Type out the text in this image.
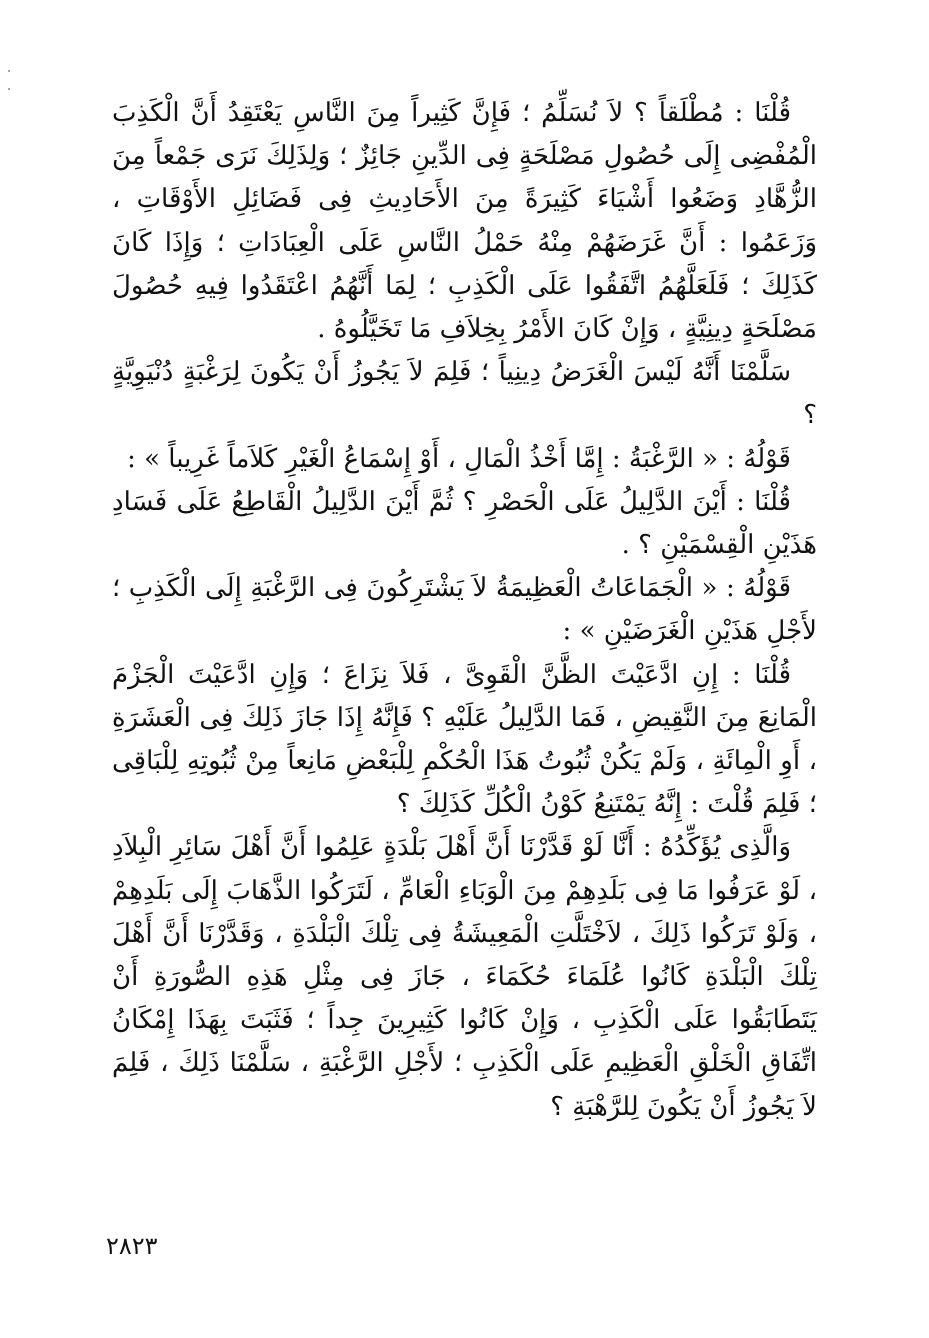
قُلْنَا : مُطْلَقاً ؟ لاَ نُسَلِّمُ ؛ فَإِنَّ كَثِيراً مِنَ النَّاسِ يَعْتَقِدُ أَنَّ الْكَذِبَ الْمُفْضِى إِلَى حُصُولِ مَصْلَحَةٍ فِى الدِّينِ جَائِزٌ ؛ وَلِذَلِكَ نَرَى جَمْعاً مِنَ الزُّهَّادِ وَضَعُوا أَشْيَاءَ كَثِيرَةً مِنَ الأَحَادِيثِ فِى فَضَائِلِ الأَوْقَاتِ ، وَزَعَمُوا : أَنَّ غَرَضَهُمْ مِنْهُ حَمْلُ النَّاسِ عَلَى الْعِبَادَاتِ ؛ وَإِذَا كَانَ كَذَلِكَ ؛ فَلَعَلَّهُمُ اتَّفَقُوا عَلَى الْكَذِبِ ؛ لِمَا أَنَّهُمُ اعْتَقَدُوا فِيهِ حُصُولَ مَصْلَحَةٍ دِينِيَّةٍ ، وَإِنْ كَانَ الأَمْرُ بِخِلاَفِ مَا تَخَيَّلُوهُ .

سَلَّمْنَا أَنَّهُ لَيْسَ الْغَرَضُ دِينِياً ؛ فَلِمَ لاَ يَجُوزُ أَنْ يَكُونَ لِرَغْبَةٍ دُنْيَوِيَّةٍ ؟

قَوْلُهُ : « الرَّغْبَةُ : إِمَّا أَخْذُ الْمَالِ ، أَوْ إِسْمَاعُ الْغَيْرِ كَلاَماً غَرِيباً » :

قُلْنَا : أَيْنَ الدَّلِيلُ عَلَى الْحَصْرِ ؟ ثُمَّ أَيْنَ الدَّلِيلُ الْقَاطِعُ عَلَى فَسَادِ هَذَيْنِ الْقِسْمَيْنِ ؟ .

قَوْلُهُ : « الْجَمَاعَاتُ الْعَظِيمَةُ لاَ يَشْتَرِكُونَ فِى الرَّغْبَةِ إِلَى الْكَذِبِ ؛ لأَجْلِ هَذَيْنِ الْغَرَضَيْنِ » :

قُلْنَا : إِنِ ادَّعَيْتَ الظَّنَّ الْقَوِىَّ ، فَلاَ نِزَاعَ ؛ وَإِنِ ادَّعَيْتَ الْجَزْمَ الْمَانِعَ مِنَ النَّقِيضِ ، فَمَا الدَّلِيلُ عَلَيْهِ ؟ فَإِنَّهُ إِذَا جَازَ ذَلِكَ فِى الْعَشَرَةِ ، أَوِ الْمِائَةِ ، وَلَمْ يَكُنْ ثُبُوتُ هَذَا الْحُكْمِ لِلْبَعْضِ مَانِعاً مِنْ ثُبُوتِهِ لِلْبَاقِى ؛ فَلِمَ قُلْتَ : إِنَّهُ يَمْتَنِعُ كَوْنُ الْكُلِّ كَذَلِكَ ؟

وَالَّذِى يُؤَكِّدُهُ : أَنَّا لَوْ قَدَّرْنَا أَنَّ أَهْلَ بَلْدَةٍ عَلِمُوا أَنَّ أَهْلَ سَائِرِ الْبِلاَدِ ، لَوْ عَرَفُوا مَا فِى بَلَدِهِمْ مِنَ الْوَبَاءِ الْعَامِّ ، لَتَرَكُوا الذَّهَابَ إِلَى بَلَدِهِمْ ، وَلَوْ تَرَكُوا ذَلِكَ ، لاَخْتَلَّتِ الْمَعِيشَةُ فِى تِلْكَ الْبَلْدَةِ ، وَقَدَّرْنَا أَنَّ أَهْلَ تِلْكَ الْبَلْدَةِ كَانُوا عُلَمَاءَ حُكَمَاءَ ، جَازَ فِى مِثْلِ هَذِهِ الصُّورَةِ أَنْ يَتَطَابَقُوا عَلَى الْكَذِبِ ، وَإِنْ كَانُوا كَثِيرِينَ جِداً ؛ فَثَبَتَ بِهَذَا إِمْكَانُ اتِّفَاقِ الْخَلْقِ الْعَظِيمِ عَلَى الْكَذِبِ ؛ لأَجْلِ الرَّغْبَةِ ، سَلَّمْنَا ذَلِكَ ، فَلِمَ لاَ يَجُوزُ أَنْ يَكُونَ لِلرَّهْبَةِ ؟

٢٨٢٣
